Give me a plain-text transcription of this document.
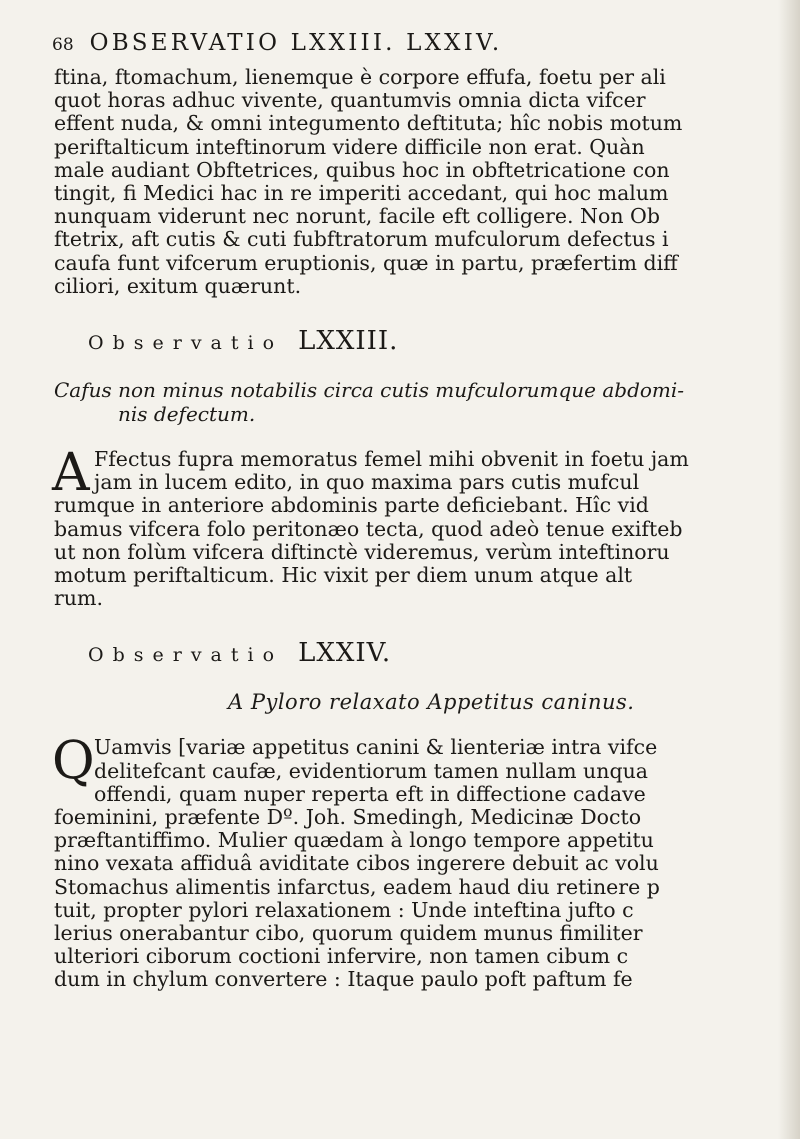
68 OBSERVATIO LXXIII. LXXIV.

ftina, ftomachum, lienemque è corpore effufa, foetu per ali
quot horas adhuc vivente, quantumvis omnia dicta vifcer
effent nuda, & omni integumento deftituta; hîc nobis motum
periftalticum inteftinorum videre difficile non erat. Quàn
male audiant Obftetrices, quibus hoc in obftetricatione con
tingit, fi Medici hac in re imperiti accedant, qui hoc malum
nunquam viderunt nec norunt, facile eft colligere. Non Ob
ftetrix, aft cutis & cuti fubftratorum mufculorum defectus i
caufa funt vifcerum eruptionis, quæ in partu, præfertim diff
ciliori, exitum quærunt.

Observatio LXXIII.
Cafus non minus notabilis circa cutis mufculorumque abdomi-
nis defectum.

A Ffectus fupra memoratus femel mihi obvenit in foetu jam
jam in lucem edito, in quo maxima pars cutis mufcul
rumque in anteriore abdominis parte deficiebant. Hîc vid
bamus vifcera folo peritonæo tecta, quod adeò tenue exifteb
ut non folùm vifcera diftinctè videremus, verùm inteftinoru
motum periftalticum. Hic vixit per diem unum atque alt
rum.

Observatio LXXIV.
A Pyloro relaxato Appetitus caninus.

Q Uamvis [variæ appetitus canini & lienteriæ intra vifce
delitefcant caufæ, evidentiorum tamen nullam unqua
offendi, quam nuper reperta eft in diffectione cadave
foeminini, præfente Dº. Joh. Smedingh, Medicinæ Docto
præftantiffimo. Mulier quædam à longo tempore appetitu
nino vexata affiduâ aviditate cibos ingerere debuit ac volu
Stomachus alimentis infarctus, eadem haud diu retinere p
tuit, propter pylori relaxationem : Unde inteftina jufto c
lerius onerabantur cibo, quorum quidem munus fimiliter
ulteriori ciborum coctioni infervire, non tamen cibum c
dum in chylum convertere : Itaque paulo poft paftum fe
